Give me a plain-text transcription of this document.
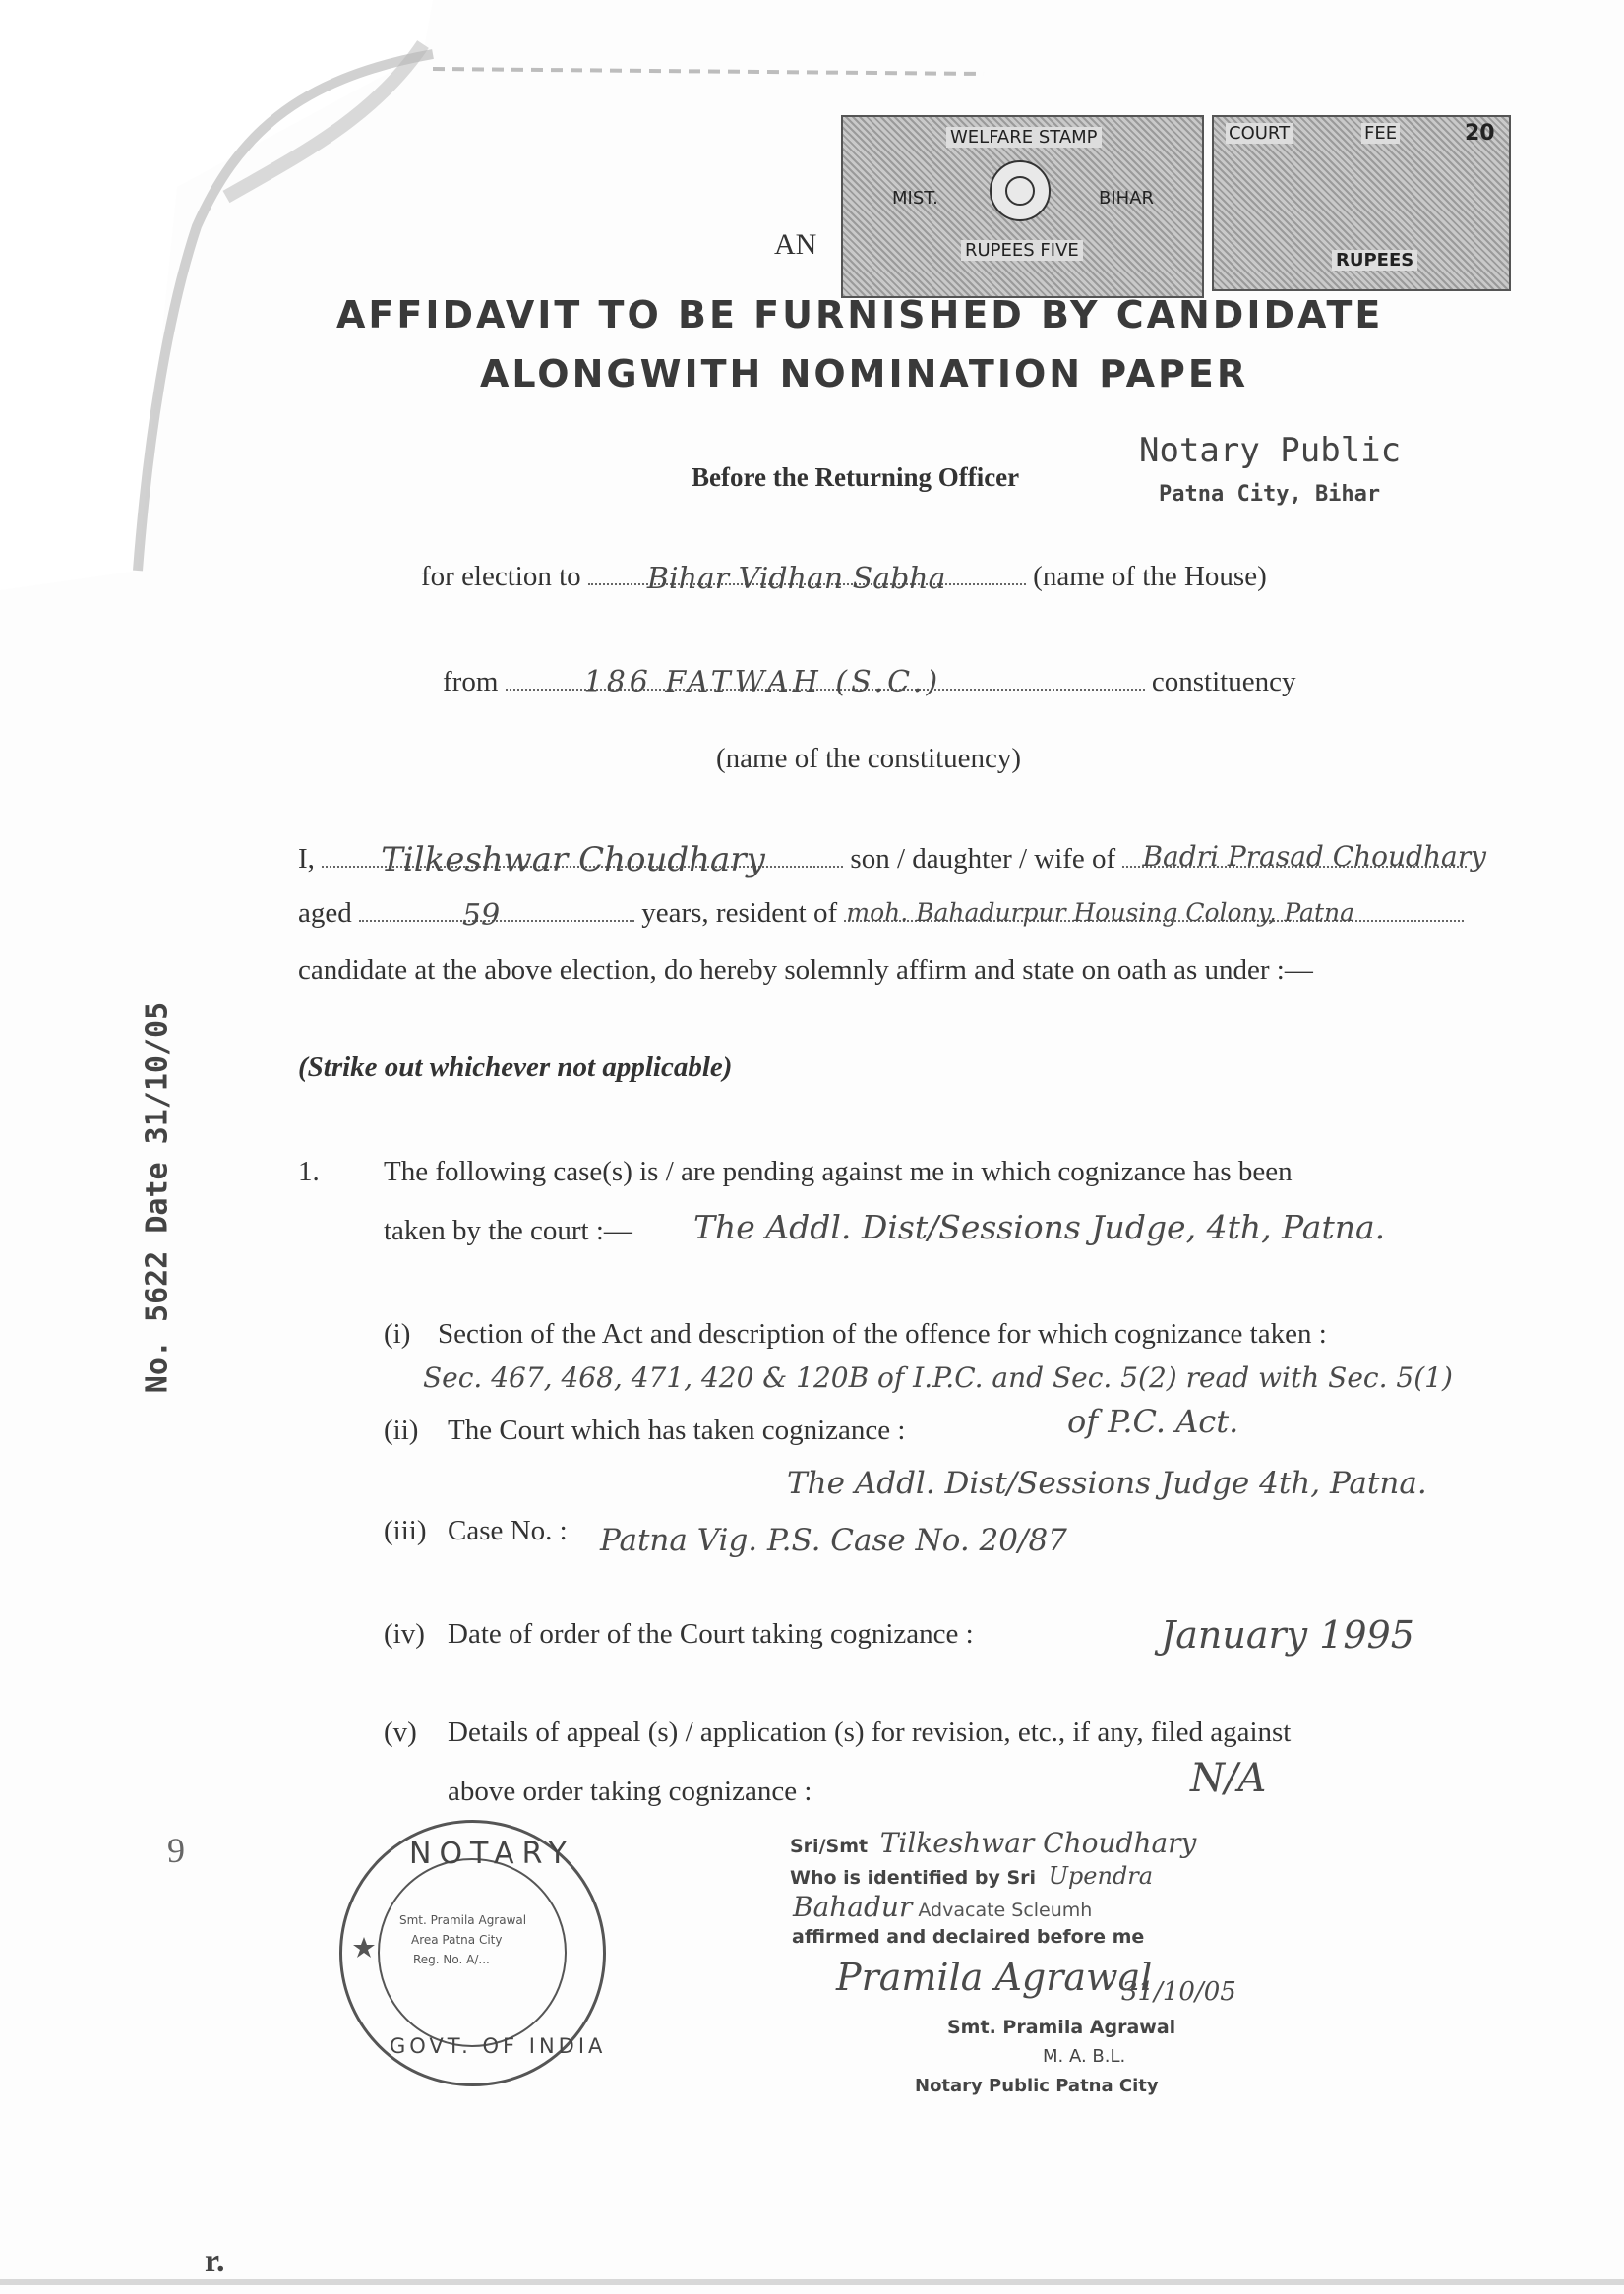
WELFARE STAMP
MIST.	BIHAR
RUPEES FIVE
COURT	FEE	20
RUPEES
AN
AFFIDAVIT TO BE FURNISHED BY CANDIDATE
ALONGWITH NOMINATION PAPER
Before the Returning Officer
Notary Public
Patna City, Bihar
for election to Bihar Vidhan Sabha	(name of the House)
from	186 FATWAH (S.C.)	constituency
(name of the constituency)
I, Tilkeshwar Choudhary	son / daughter / wife of Badri Prasad Choudhary
aged	59	years, resident of moh. Bahadurpur Housing Colony, Patna
candidate at the above election, do hereby solemnly affirm and state on oath as under :—
(Strike out whichever not applicable)
1. The following case(s) is / are pending against me in which cognizance has been
taken by the court :— The Addl. Dist/Sessions Judge, 4th, Patna.
(i) Section of the Act and description of the offence for which cognizance taken :
Sec. 467, 468, 471, 420 & 120B of I.P.C. and Sec. 5(2) read with Sec. 5(1)
of P.C. Act.
(ii) The Court which has taken cognizance :
The Addl. Dist/Sessions Judge 4th, Patna.
(iii) Case No. : Patna Vig. P.S. Case No. 20/87
(iv) Date of order of the Court taking cognizance :	January 1995
(v) Details of appeal (s) / application (s) for revision, etc., if any, filed against
above order taking cognizance :	N/A
No. 5622 Date 31/10/05
9
r.
NOTARY
GOVT. OF INDIA
Smt. Pramila Agrawal
Area Patna City
Reg. No. A/...
Sri/Smt Tilkeshwar Choudhary
Who is identified by Sri Upendra
Bahadur Advacate Scleumh
affirmed and declaired before me
Pramila Agrawal
31/10/05
Smt. Pramila Agrawal
M. A. B.L.
Notary Public Patna City
